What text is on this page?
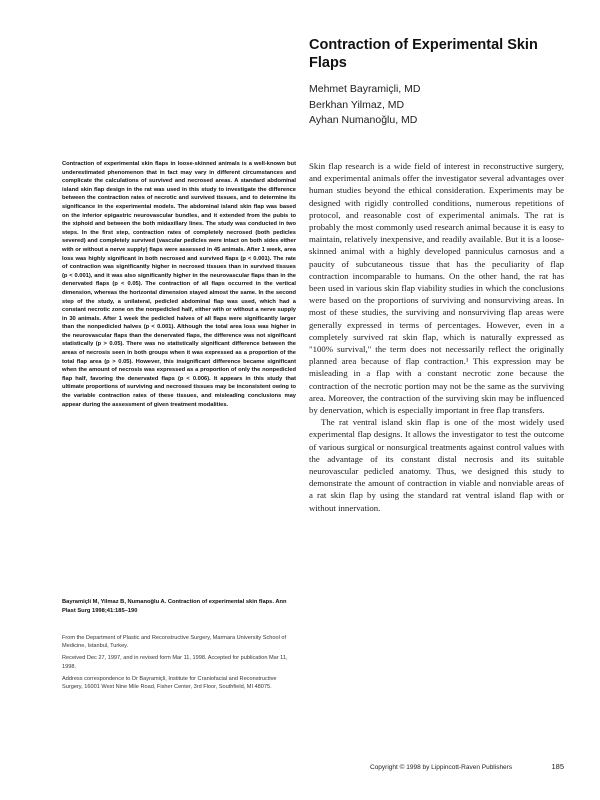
Contraction of Experimental Skin Flaps
Mehmet Bayramiçli, MD
Berkhan Yilmaz, MD
Ayhan Numanoğlu, MD

Contraction of experimental skin flaps in loose-skinned animals is a well-known but underestimated phenomenon that in fact may vary in different circumstances and complicate the calculations of survived and necrosed areas. A standard abdominal island skin flap design in the rat was used in this study to investigate the difference between the contraction rates of necrotic and survived tissues, and to determine its significance in the experimental models. The abdominal island skin flap was based on the inferior epigastric neurovascular bundles, and it extended from the pubis to the xiphoid and between the both midaxillary lines. The study was conducted in two steps. In the first step, contraction rates of completely necrosed (both pedicles severed) and completely survived (vascular pedicles were intact on both sides either with or without a nerve supply) flaps were assessed in 45 animals. After 1 week, area loss was highly significant in both necrosed and survived flaps (p < 0.001). The rate of contraction was significantly higher in necrosed tissues than in survived tissues (p < 0.001), and it was also significantly higher in the neurovascular flaps than in the denervated flaps (p < 0.05). The contraction of all flaps occurred in the vertical dimension, whereas the horizontal dimension stayed almost the same. In the second step of the study, a unilateral, pedicled abdominal flap was used, which had a constant necrotic zone on the nonpedicled half, either with or without a nerve supply in 30 animals. After 1 week the pedicled halves of all flaps were significantly larger than the nonpedicled halves (p < 0.001). Although the total area loss was higher in the neurovascular flaps than the denervated flaps, the difference was not significant statistically (p > 0.05). There was no statistically significant difference between the areas of necrosis seen in both groups when it was expressed as a proportion of the total flap area (p > 0.05). However, this insignificant difference became significant when the amount of necrosis was expressed as a proportion of only the nonpedicled flap half, favoring the denervated flaps (p < 0.006). It appears in this study that ultimate proportions of surviving and necrosed tissues may be inconsistent owing to the variable contraction rates of these tissues, and misleading conclusions may appear during the assessment of given treatment modalities.

Bayramiçli M, Yilmaz B, Numanoğlu A. Contraction of experimental skin flaps. Ann Plast Surg 1998;41:185–190

From the Department of Plastic and Reconstructive Surgery, Marmara University School of Medicine, Istanbul, Turkey.

Received Dec 27, 1997, and in revised form Mar 11, 1998. Accepted for publication Mar 11, 1998.

Address correspondence to Dr Bayramiçli, Institute for Craniofacial and Reconstructive Surgery, 16001 West Nine Mile Road, Fisher Center, 3rd Floor, Southfield, MI 48075.

Skin flap research is a wide field of interest in reconstructive surgery, and experimental animals offer the investigator several advantages over human studies beyond the ethical consideration. Experiments may be designed with rigidly controlled conditions, numerous repetitions of protocol, and reasonable cost of experimental animals. The rat is probably the most commonly used research animal because it is easy to maintain, relatively inexpensive, and readily available. But it is a loose-skinned animal with a highly developed panniculus carnosus and a paucity of subcutaneous tissue that has the peculiarity of flap contraction incomparable to humans. On the other hand, the rat has been used in various skin flap viability studies in which the conclusions were based on the proportions of surviving and nonsurviving areas. In most of these studies, the surviving and nonsurviving flap areas were generally expressed in terms of percentages. However, even in a completely survived rat skin flap, which is naturally expressed as "100% survival," the term does not necessarily reflect the originally planned area because of flap contraction.¹ This expression may be misleading in a flap with a constant necrotic zone because the contraction of the necrotic portion may not be the same as the surviving area. Moreover, the contraction of the surviving skin may be influenced by denervation, which is especially important in free flap transfers.

The rat ventral island skin flap is one of the most widely used experimental flap designs. It allows the investigator to test the outcome of various surgical or nonsurgical treatments against control values with the advantage of its constant distal necrosis and its suitable neurovascular pedicled anatomy. Thus, we designed this study to demonstrate the amount of contraction in viable and nonviable areas of a rat skin flap by using the standard rat ventral island flap with or without innervation.

Copyright © 1998 by Lippincott-Raven Publishers	185
